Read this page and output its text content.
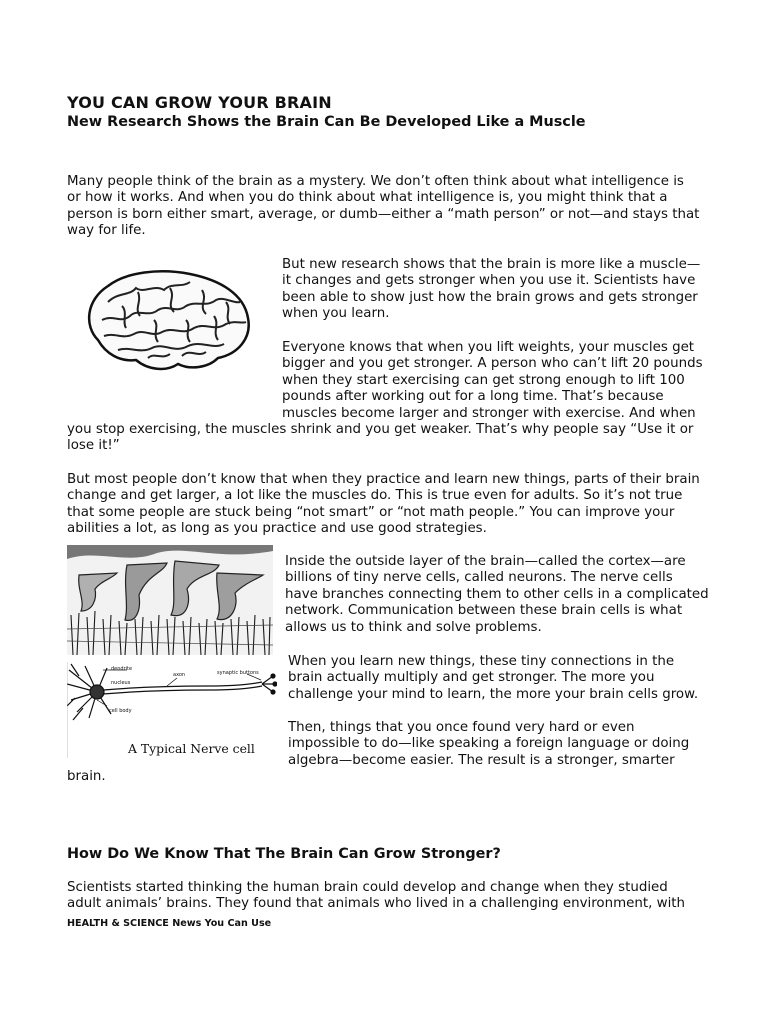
YOU CAN GROW YOUR BRAIN
New Research Shows the Brain Can Be Developed Like a Muscle
Many people think of the brain as a mystery. We don’t often think about what intelligence is
or how it works. And when you do think about what intelligence is, you might think that a
person is born either smart, average, or dumb—either a “math person” or not—and stays that
way for life.
But new research shows that the brain is more like a muscle—
it changes and gets stronger when you use it. Scientists have
been able to show just how the brain grows and gets stronger
when you learn.
Everyone knows that when you lift weights, your muscles get
bigger and you get stronger. A person who can’t lift 20 pounds
when they start exercising can get strong enough to lift 100
pounds after working out for a long time. That’s because
muscles become larger and stronger with exercise. And when
you stop exercising, the muscles shrink and you get weaker. That’s why people say “Use it or
lose it!”
But most people don’t know that when they practice and learn new things, parts of their brain
change and get larger, a lot like the muscles do. This is true even for adults. So it’s not true
that some people are stuck being “not smart” or “not math people.” You can improve your
abilities a lot, as long as you practice and use good strategies.
dendrite
axon
nucleus
synaptic buttons
cell body
A Typical Nerve cell
Inside the outside layer of the brain—called the cortex—are
billions of tiny nerve cells, called neurons. The nerve cells
have branches connecting them to other cells in a complicated
network. Communication between these brain cells is what
allows us to think and solve problems.
When you learn new things, these tiny connections in the
brain actually multiply and get stronger. The more you
challenge your mind to learn, the more your brain cells grow.
Then, things that you once found very hard or even
impossible to do—like speaking a foreign language or doing
algebra—become easier. The result is a stronger, smarter
brain.
How Do We Know That The Brain Can Grow Stronger?
Scientists started thinking the human brain could develop and change when they studied
adult animals’ brains. They found that animals who lived in a challenging environment, with
HEALTH & SCIENCE News You Can Use
